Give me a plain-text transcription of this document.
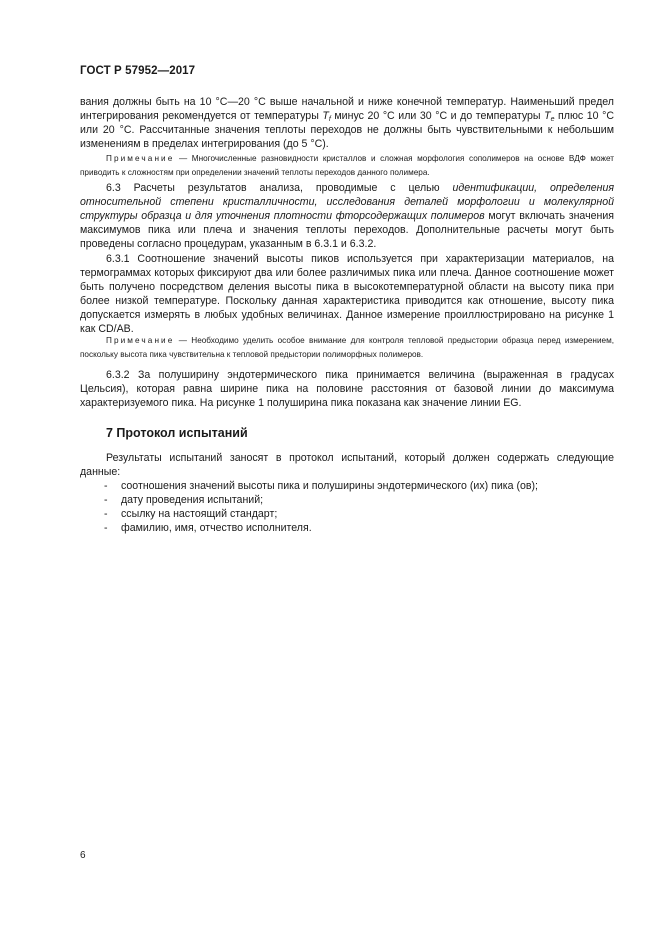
ГОСТ Р 57952—2017
вания должны быть на 10 °С—20 °С выше начальной и ниже конечной температур. Наименьший предел интегрирования рекомендуется от температуры $T_f$ минус 20 °С или 30 °С и до температуры $T_e$ плюс 10 °С или 20 °С. Рассчитанные значения теплоты переходов не должны быть чувствительными к небольшим изменениям в пределах интегрирования (до 5 °С).
Примечание — Многочисленные разновидности кристаллов и сложная морфология сополимеров на основе ВДФ может приводить к сложностям при определении значений теплоты переходов данного полимера.
6.3 Расчеты результатов анализа, проводимые с целью идентификации, определения относительной степени кристалличности, исследования деталей морфологии и молекулярной структуры образца и для уточнения плотности фторсодержащих полимеров могут включать значения максимумов пика или плеча и значения теплоты переходов. Дополнительные расчеты могут быть проведены согласно процедурам, указанным в 6.3.1 и 6.3.2.
6.3.1 Соотношение значений высоты пиков используется при характеризации материалов, на термограммах которых фиксируют два или более различимых пика или плеча. Данное соотношение может быть получено посредством деления высоты пика в высокотемпературной области на высоту пика при более низкой температуре. Поскольку данная характеристика приводится как отношение, высоту пика допускается измерять в любых удобных величинах. Данное измерение проиллюстрировано на рисунке 1 как CD/AB.
Примечание — Необходимо уделить особое внимание для контроля тепловой предыстории образца перед измерением, поскольку высота пика чувствительна к тепловой предыстории полиморфных полимеров.
6.3.2 За полуширину эндотермического пика принимается величина (выраженная в градусах Цельсия), которая равна ширине пика на половине расстояния от базовой линии до максимума характеризуемого пика. На рисунке 1 полуширина пика показана как значение линии EG.
7 Протокол испытаний
Результаты испытаний заносят в протокол испытаний, который должен содержать следующие данные:
- соотношения значений высоты пика и полуширины эндотермического (их) пика (ов);
- дату проведения испытаний;
- ссылку на настоящий стандарт;
- фамилию, имя, отчество исполнителя.
6
